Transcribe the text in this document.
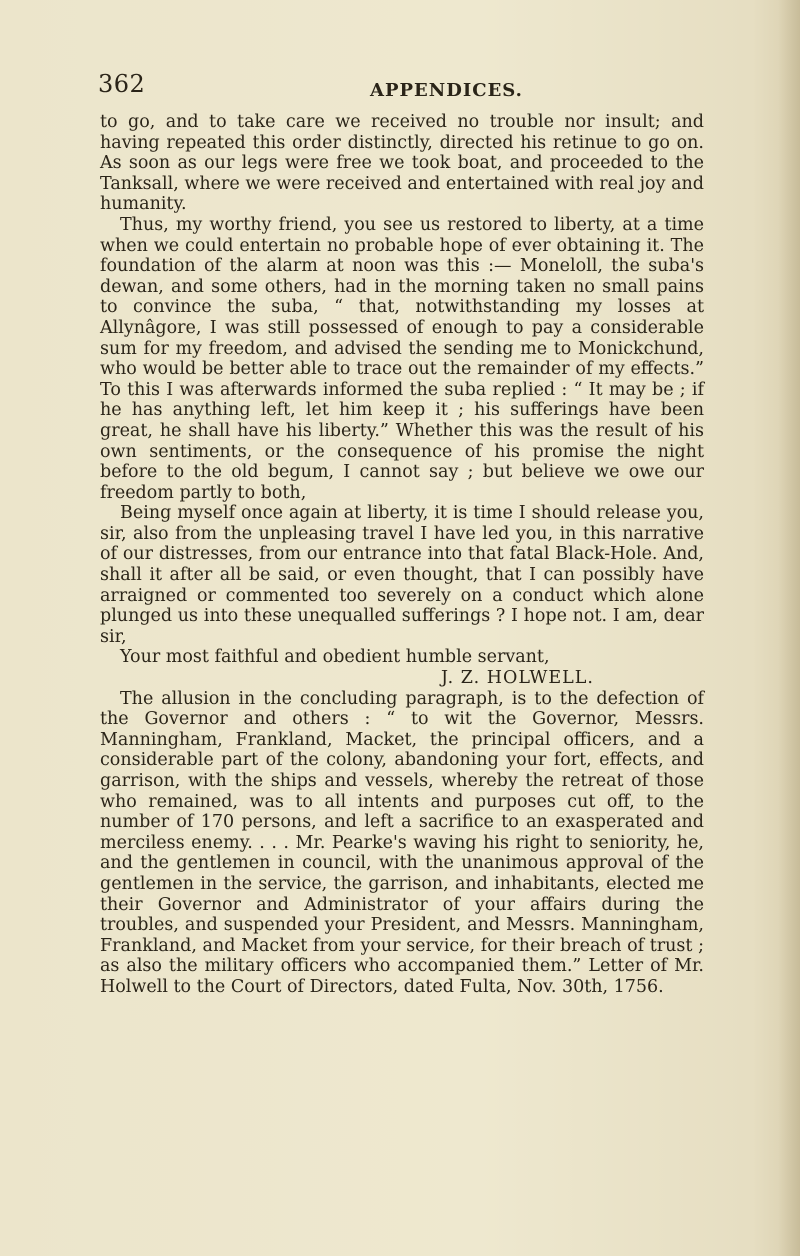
362	APPENDICES.

to go, and to take care we received no trouble nor insult; and having repeated this order distinctly, directed his retinue to go on. As soon as our legs were free we took boat, and proceeded to the Tanksall, where we were received and entertained with real joy and humanity.

Thus, my worthy friend, you see us restored to liberty, at a time when we could entertain no probable hope of ever obtaining it. The foundation of the alarm at noon was this :— Moneloll, the suba's dewan, and some others, had in the morning taken no small pains to convince the suba, “ that, notwithstanding my losses at Allynâgore, I was still possessed of enough to pay a considerable sum for my freedom, and advised the sending me to Monickchund, who would be better able to trace out the remainder of my effects.” To this I was afterwards informed the suba replied : “ It may be ; if he has anything left, let him keep it ; his sufferings have been great, he shall have his liberty.” Whether this was the result of his own sentiments, or the consequence of his promise the night before to the old begum, I cannot say ; but believe we owe our freedom partly to both,

Being myself once again at liberty, it is time I should release you, sir, also from the unpleasing travel I have led you, in this narrative of our distresses, from our entrance into that fatal Black-Hole. And, shall it after all be said, or even thought, that I can possibly have arraigned or commented too severely on a conduct which alone plunged us into these unequalled sufferings ? I hope not. I am, dear sir,

Your most faithful and obedient humble servant,

J. Z. HOLWELL.

The allusion in the concluding paragraph, is to the defection of the Governor and others : “ to wit the Governor, Messrs. Manningham, Frankland, Macket, the principal officers, and a considerable part of the colony, abandoning your fort, effects, and garrison, with the ships and vessels, whereby the retreat of those who remained, was to all intents and purposes cut off, to the number of 170 persons, and left a sacrifice to an exasperated and merciless enemy. . . . Mr. Pearke's waving his right to seniority, he, and the gentlemen in council, with the unanimous approval of the gentlemen in the service, the garrison, and inhabitants, elected me their Governor and Administrator of your affairs during the troubles, and suspended your President, and Messrs. Manningham, Frankland, and Macket from your service, for their breach of trust ; as also the military officers who accompanied them.” Letter of Mr. Holwell to the Court of Directors, dated Fulta, Nov. 30th, 1756.
